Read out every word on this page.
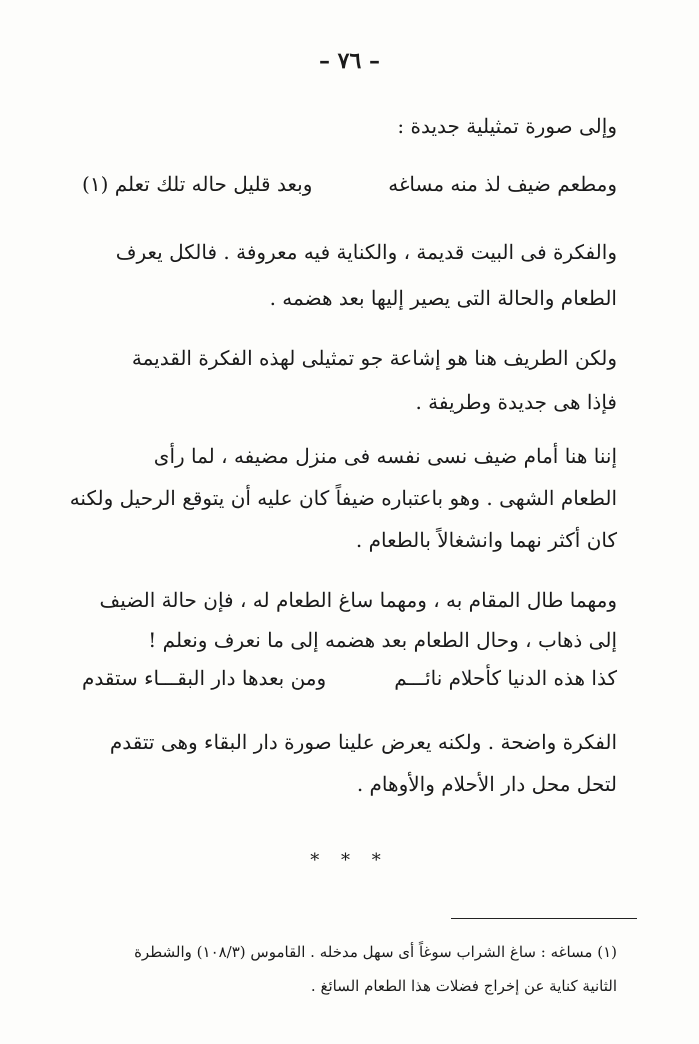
– ٧٦ –
وإلى صورة تمثيلية جديدة :
ومطعم ضيف لذ منه مساغه
وبعد قليل حاله تلك تعلم (١)
والفكرة فى البيت قديمة ، والكناية فيه معروفة . فالكل يعرف
الطعام والحالة التى يصير إليها بعد هضمه .
ولكن الطريف هنا هو إشاعة جو تمثيلى لهذه الفكرة القديمة
فإذا هى جديدة وطريفة .
إننا هنا أمام ضيف نسى نفسه فى منزل مضيفه ، لما رأى
الطعام الشهى . وهو باعتباره ضيفاً كان عليه أن يتوقع الرحيل ولكنه
كان أكثر نهما وانشغالاً بالطعام .
ومهما طال المقام به ، ومهما ساغ الطعام له ، فإن حالة الضيف
إلى ذهاب ، وحال الطعام بعد هضمه إلى ما نعرف ونعلم !
كذا هذه الدنيا كأحلام نائـــم
ومن بعدها دار البقـــاء ستقدم
الفكرة واضحة . ولكنه يعرض علينا صورة دار البقاء وهى تتقدم
لتحل محل دار الأحلام والأوهام .
* * *
(١) مساغه : ساغ الشراب سوغاً أى سهل مدخله . القاموس (١٠٨/٣) والشطرة
الثانية كناية عن إخراج فضلات هذا الطعام السائغ .
